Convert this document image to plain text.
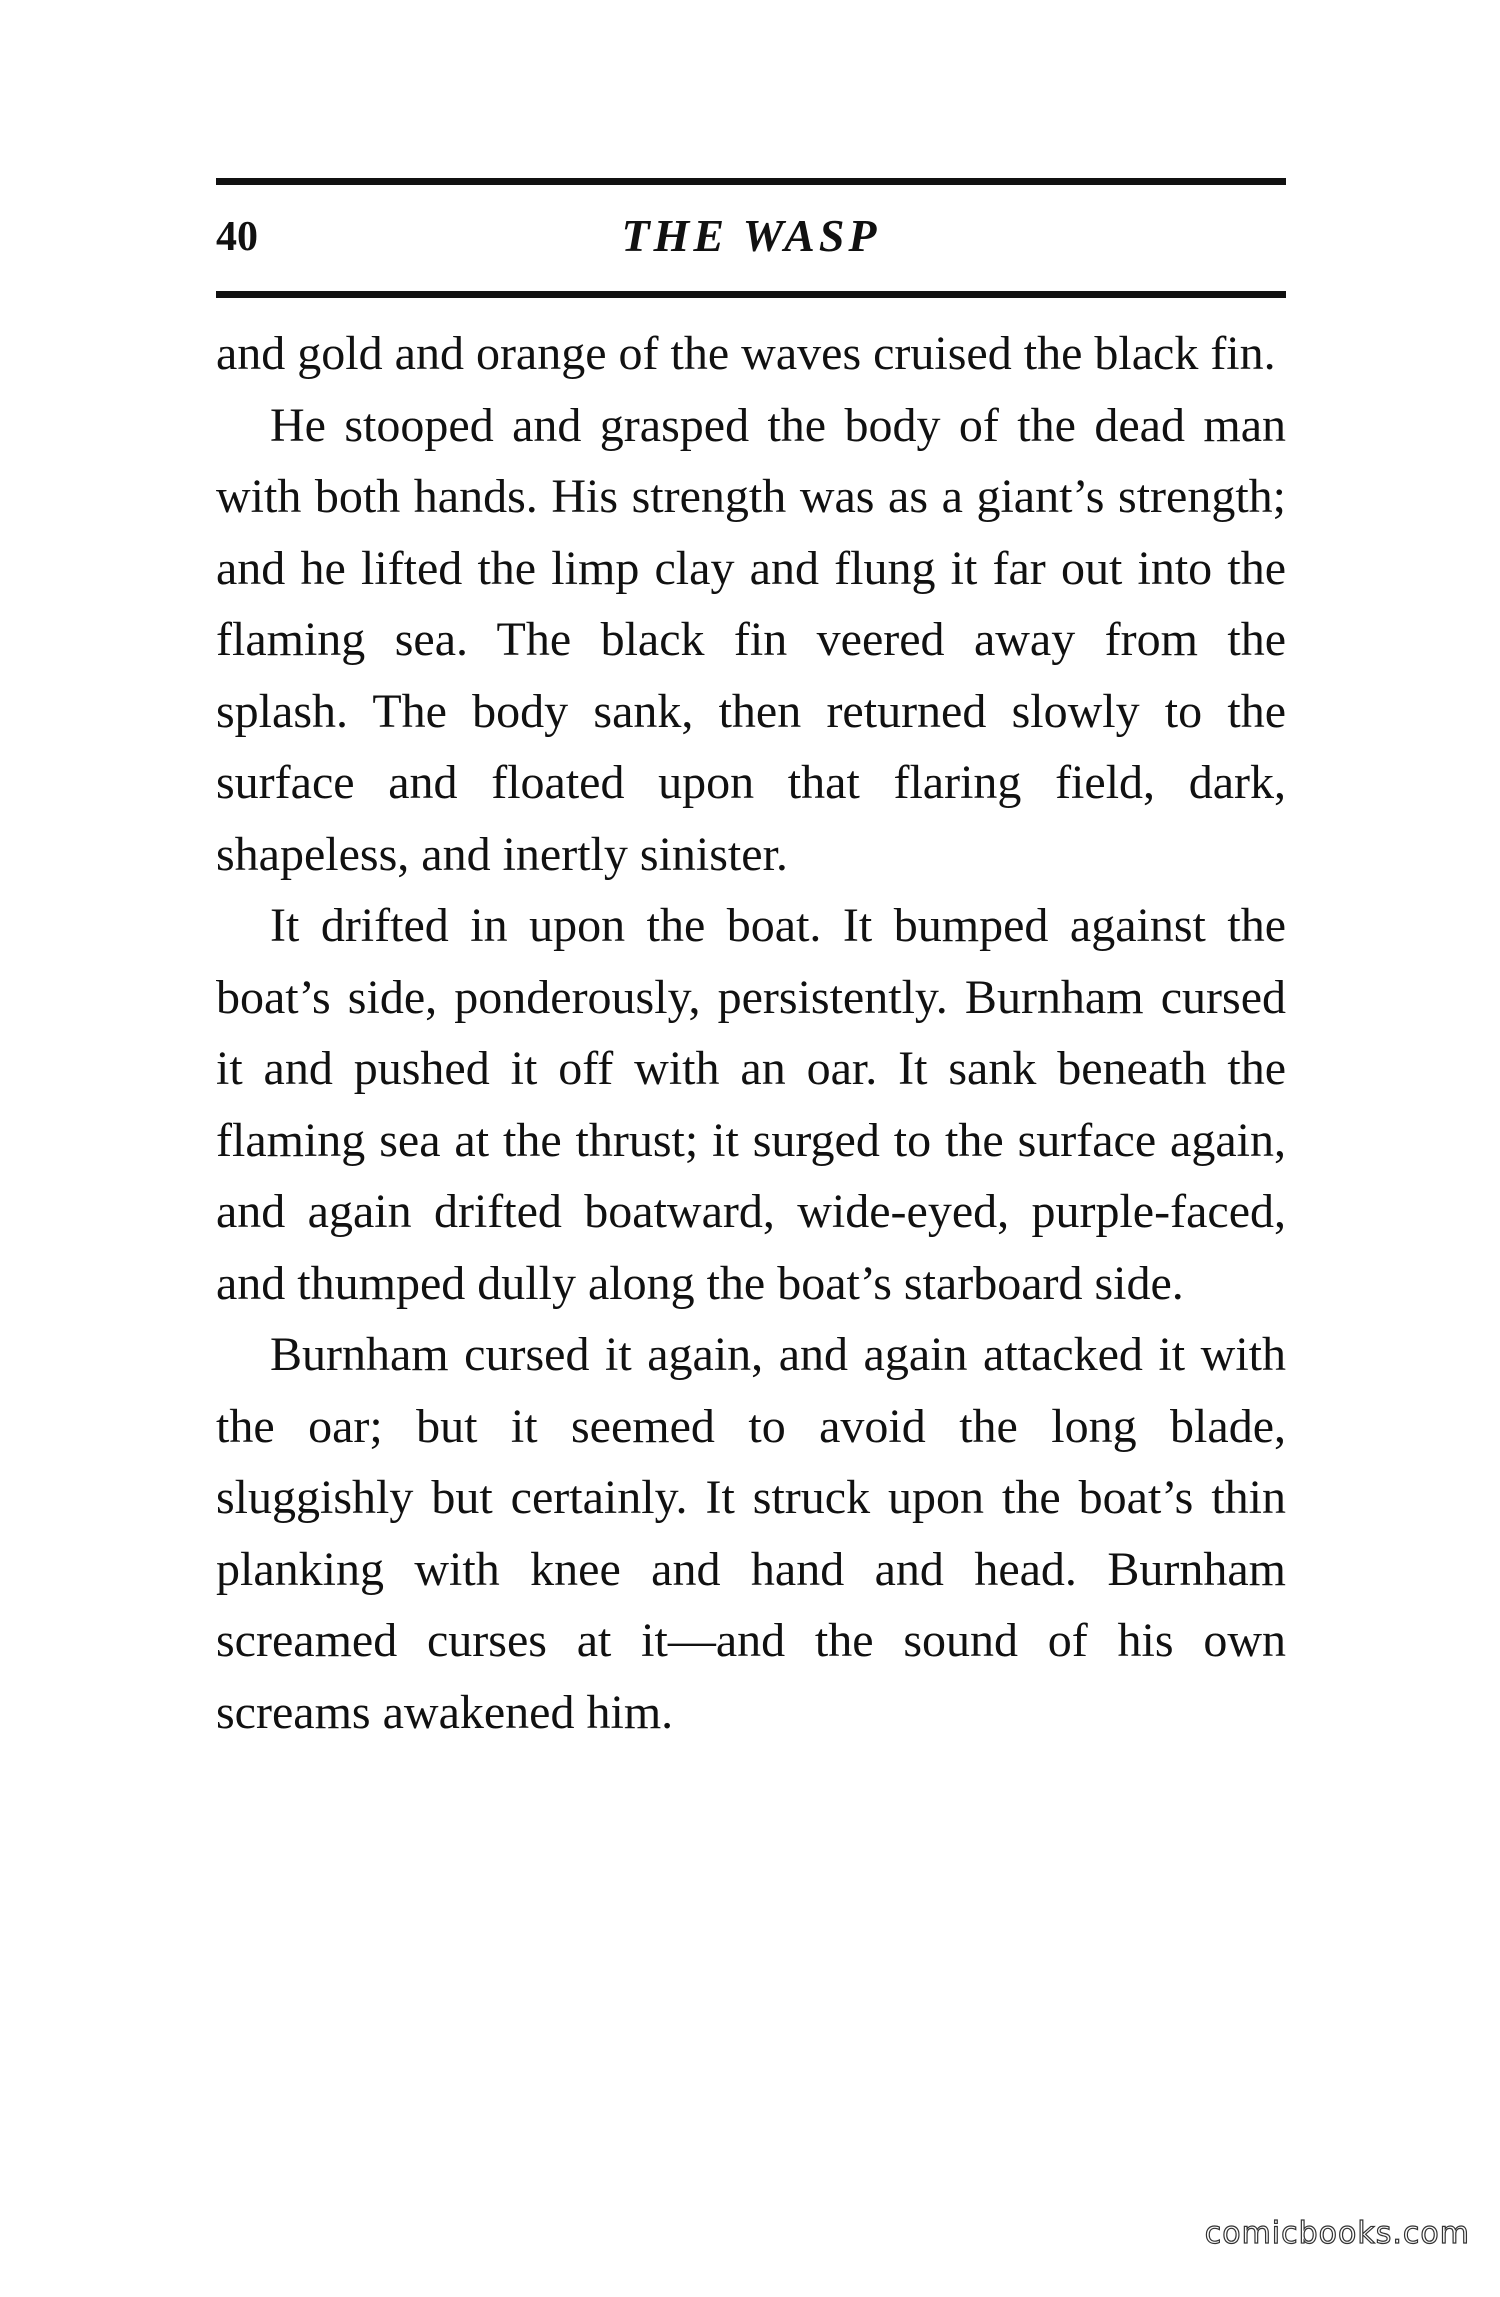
40	THE WASP

and gold and orange of the waves cruised the black fin.

He stooped and grasped the body of the dead man with both hands. His strength was as a giant’s strength; and he lifted the limp clay and flung it far out into the flaming sea. The black fin veered away from the splash. The body sank, then returned slowly to the surface and floated upon that flaring field, dark, shapeless, and inertly sinister.

It drifted in upon the boat. It bumped against the boat’s side, ponderously, persistently. Burnham cursed it and pushed it off with an oar. It sank beneath the flaming sea at the thrust; it surged to the surface again, and again drifted boatward, wide-eyed, purple-faced, and thumped dully along the boat’s starboard side.

Burnham cursed it again, and again attacked it with the oar; but it seemed to avoid the long blade, sluggishly but certainly. It struck upon the boat’s thin planking with knee and hand and head. Burnham screamed curses at it—and the sound of his own screams awakened him.

comicbooks.com
